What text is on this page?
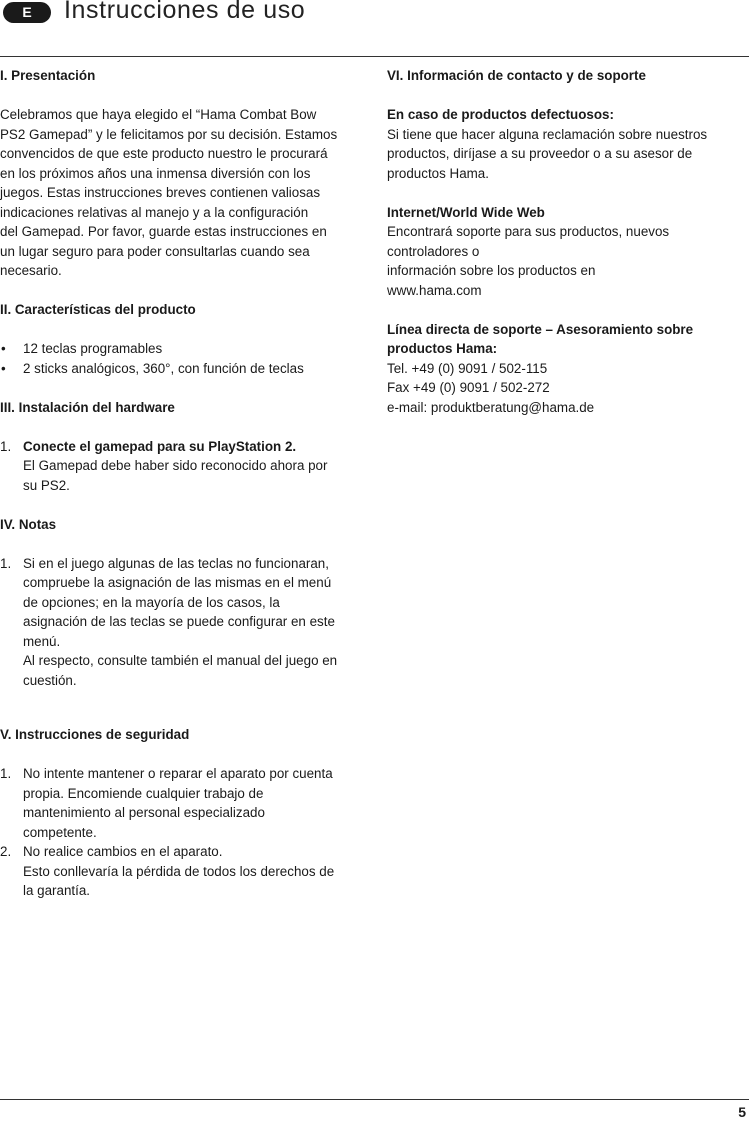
E	Instrucciones de uso

I. Presentación

Celebramos que haya elegido el “Hama Combat Bow

PS2 Gamepad” y le felicitamos por su decisión. Estamos

convencidos de que este producto nuestro le procurará

en los próximos años una inmensa diversión con los

juegos. Estas instrucciones breves contienen valiosas

indicaciones relativas al manejo y a la configuración

del Gamepad. Por favor, guarde estas instrucciones en

un lugar seguro para poder consultarlas cuando sea

necesario.

II. Características del producto

• 12 teclas programables
• 2 sticks analógicos, 360°, con función de teclas

III. Instalación del hardware

1. Conecte el gamepad para su PlayStation 2.

El Gamepad debe haber sido reconocido ahora por

su PS2.

IV. Notas

1. Si en el juego algunas de las teclas no funcionaran,

compruebe la asignación de las mismas en el menú

de opciones; en la mayoría de los casos, la

asignación de las teclas se puede configurar en este

menú.

Al respecto, consulte también el manual del juego en

cuestión.

V. Instrucciones de seguridad

1. No intente mantener o reparar el aparato por cuenta

propia. Encomiende cualquier trabajo de

mantenimiento al personal especializado

competente.

2. No realice cambios en el aparato.

Esto conllevaría la pérdida de todos los derechos de

la garantía.

VI. Información de contacto y de soporte

En caso de productos defectuosos:

Si tiene que hacer alguna reclamación sobre nuestros

productos, diríjase a su proveedor o a su asesor de

productos Hama.

Internet/World Wide Web

Encontrará soporte para sus productos, nuevos

controladores o

información sobre los productos en

www.hama.com

Línea directa de soporte – Asesoramiento sobre

productos Hama:

Tel. +49 (0) 9091 / 502-115

Fax +49 (0) 9091 / 502-272

e-mail: produktberatung@hama.de

5
